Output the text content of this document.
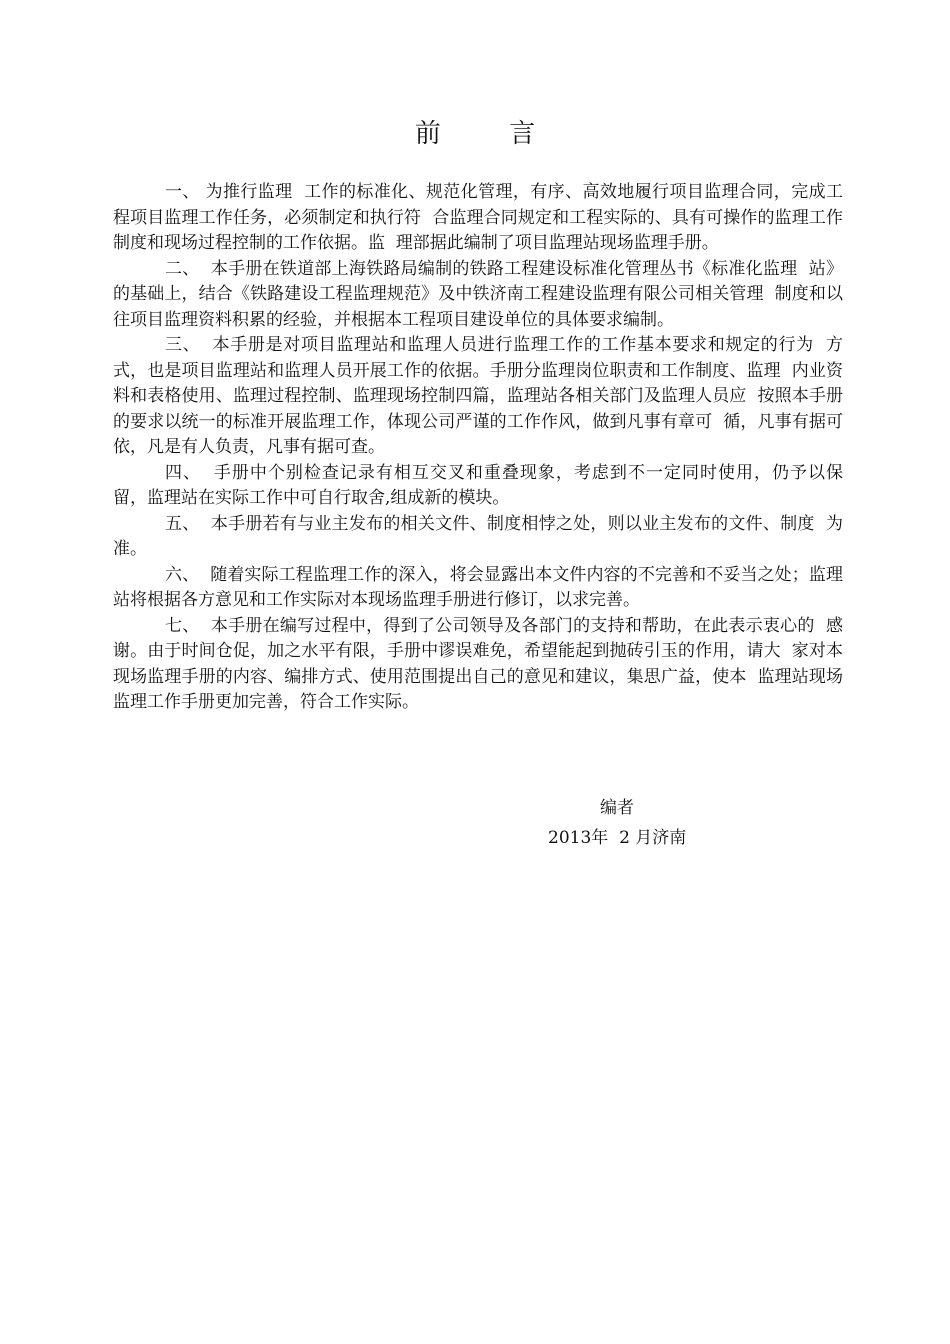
前 言

一、 为推行监理  工作的标准化、规范化管理，有序、高效地履行项目监理合同，完成工程项目监理工作任务，必须制定和执行符  合监理合同规定和工程实际的、具有可操作的监理工作制度和现场过程控制的工作依据。监  理部据此编制了项目监理站现场监理手册。

二、  本手册在铁道部上海铁路局编制的铁路工程建设标准化管理丛书《标准化监理  站》的基础上，结合《铁路建设工程监理规范》及中铁济南工程建设监理有限公司相关管理  制度和以往项目监理资料积累的经验，并根据本工程项目建设单位的具体要求编制。

三、  本手册是对项目监理站和监理人员进行监理工作的工作基本要求和规定的行为  方式，也是项目监理站和监理人员开展工作的依据。手册分监理岗位职责和工作制度、监理  内业资料和表格使用、监理过程控制、监理现场控制四篇，监理站各相关部门及监理人员应  按照本手册的要求以统一的标准开展监理工作，体现公司严谨的工作作风，做到凡事有章可  循，凡事有据可依，凡是有人负责，凡事有据可查。

四、  手册中个别检查记录有相互交叉和重叠现象，考虑到不一定同时使用，仍予以保  留，监理站在实际工作中可自行取舍,组成新的模块。

五、  本手册若有与业主发布的相关文件、制度相悖之处，则以业主发布的文件、制度  为准。

六、  随着实际工程监理工作的深入，将会显露出本文件内容的不完善和不妥当之处；监理站将根据各方意见和工作实际对本现场监理手册进行修订，以求完善。

七、  本手册在编写过程中，得到了公司领导及各部门的支持和帮助，在此表示衷心的  感谢。由于时间仓促，加之水平有限，手册中谬误难免，希望能起到抛砖引玉的作用，请大  家对本现场监理手册的内容、编排方式、使用范围提出自己的意见和建议，集思广益，使本  监理站现场监理工作手册更加完善，符合工作实际。

编者
2013年  2 月济南
